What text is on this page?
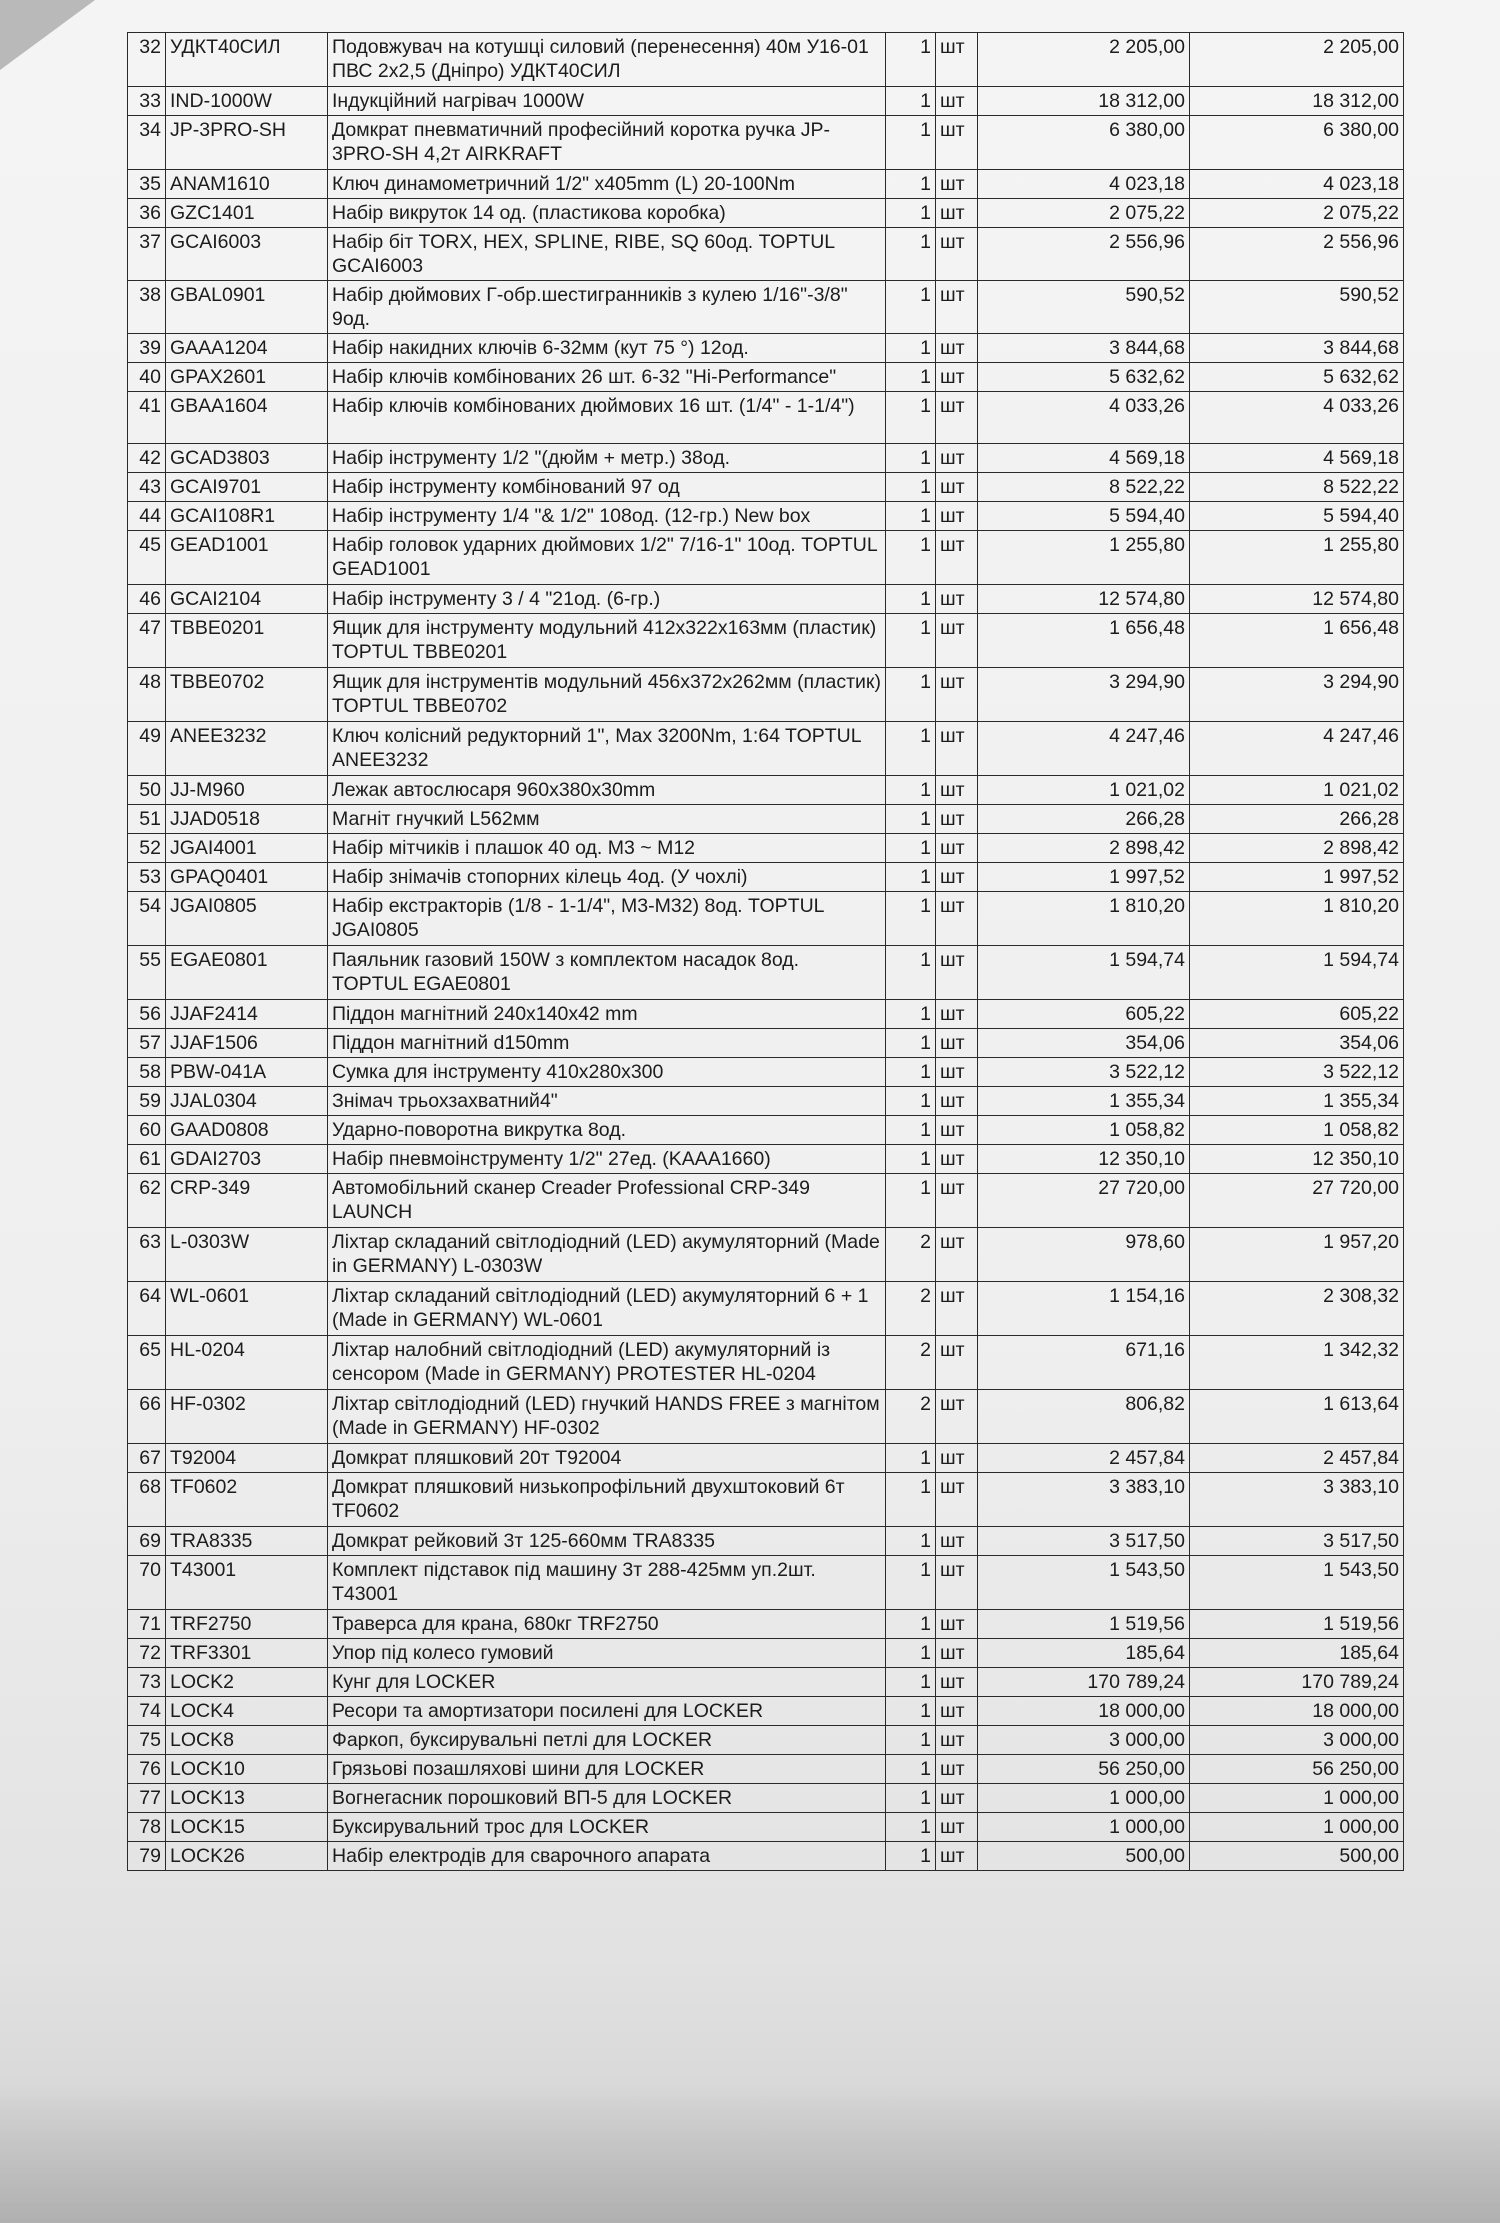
32	УДКТ40СИЛ	Подовжувач на котушці силовий (перенесення) 40м У16-01 ПВС 2х2,5 (Дніпро) УДКТ40СИЛ	1	шт	2 205,00	2 205,00
33	IND-1000W	Індукційний нагрівач 1000W	1	шт	18 312,00	18 312,00
34	JP-3PRO-SH	Домкрат пневматичний професійний коротка ручка JP-3PRO-SH 4,2т AIRKRAFT	1	шт	6 380,00	6 380,00
35	ANAM1610	Ключ динамометричний 1/2" х405mm (L) 20-100Nm	1	шт	4 023,18	4 023,18
36	GZC1401	Набір викруток 14 од. (пластикова коробка)	1	шт	2 075,22	2 075,22
37	GCAI6003	Набір біт TORX, HEX, SPLINE, RIBE, SQ 60од. TOPTUL GCAI6003	1	шт	2 556,96	2 556,96
38	GBAL0901	Набір дюймових Г-обр.шестигранників з кулею 1/16"-3/8" 9од.	1	шт	590,52	590,52
39	GAAA1204	Набір накидних ключів 6-32мм (кут 75 °) 12од.	1	шт	3 844,68	3 844,68
40	GPAX2601	Набір ключів комбінованих 26 шт. 6-32 "Hi-Performance"	1	шт	5 632,62	5 632,62
41	GBAA1604	Набір ключів комбінованих дюймових 16 шт. (1/4" - 1-1/4")	1	шт	4 033,26	4 033,26
42	GCAD3803	Набір інструменту 1/2 "(дюйм + метр.) 38од.	1	шт	4 569,18	4 569,18
43	GCAI9701	Набір інструменту комбінований 97 од	1	шт	8 522,22	8 522,22
44	GCAI108R1	Набір інструменту 1/4 "& 1/2" 108од. (12-гр.) New box	1	шт	5 594,40	5 594,40
45	GEAD1001	Набір головок ударних дюймових 1/2" 7/16-1" 10од. TOPTUL GEAD1001	1	шт	1 255,80	1 255,80
46	GCAI2104	Набір інструменту 3 / 4 "21од. (6-гр.)	1	шт	12 574,80	12 574,80
47	TBBE0201	Ящик для інструменту модульний 412х322х163мм (пластик) TOPTUL TBBE0201	1	шт	1 656,48	1 656,48
48	TBBE0702	Ящик для інструментів модульний 456х372х262мм (пластик) TOPTUL TBBE0702	1	шт	3 294,90	3 294,90
49	ANEE3232	Ключ колісний редукторний 1", Max 3200Nm, 1:64 TOPTUL ANEE3232	1	шт	4 247,46	4 247,46
50	JJ-M960	Лежак автослюсаря 960х380х30mm	1	шт	1 021,02	1 021,02
51	JJAD0518	Магніт гнучкий L562мм	1	шт	266,28	266,28
52	JGAI4001	Набір мітчиків і плашок 40 од. М3 ~ М12	1	шт	2 898,42	2 898,42
53	GPAQ0401	Набір знімачів стопорних кілець 4од. (У чохлі)	1	шт	1 997,52	1 997,52
54	JGAI0805	Набір екстракторів (1/8 - 1-1/4", М3-М32) 8од. TOPTUL JGAI0805	1	шт	1 810,20	1 810,20
55	EGAE0801	Паяльник газовий 150W з комплектом насадок 8од. TOPTUL EGAE0801	1	шт	1 594,74	1 594,74
56	JJAF2414	Піддон магнітний 240х140х42 mm	1	шт	605,22	605,22
57	JJAF1506	Піддон магнітний d150mm	1	шт	354,06	354,06
58	PBW-041A	Сумка для інструменту 410х280х300	1	шт	3 522,12	3 522,12
59	JJAL0304	Знімач трьохзахватний4"	1	шт	1 355,34	1 355,34
60	GAAD0808	Ударно-поворотна викрутка 8од.	1	шт	1 058,82	1 058,82
61	GDAI2703	Набір пневмоінструменту 1/2" 27ед. (KAAA1660)	1	шт	12 350,10	12 350,10
62	CRP-349	Автомобільний сканер Creader Professional CRP-349 LAUNCH	1	шт	27 720,00	27 720,00
63	L-0303W	Ліхтар складаний світлодіодний (LED) акумуляторний (Made in GERMANY) L-0303W	2	шт	978,60	1 957,20
64	WL-0601	Ліхтар складаний світлодіодний (LED) акумуляторний 6 + 1 (Made in GERMANY) WL-0601	2	шт	1 154,16	2 308,32
65	HL-0204	Ліхтар налобний світлодіодний (LED) акумуляторний із сенсором (Made in GERMANY) PROTESTER HL-0204	2	шт	671,16	1 342,32
66	HF-0302	Ліхтар світлодіодний (LED) гнучкий HANDS FREE з магнітом (Made in GERMANY) HF-0302	2	шт	806,82	1 613,64
67	T92004	Домкрат пляшковий 20т T92004	1	шт	2 457,84	2 457,84
68	TF0602	Домкрат пляшковий низькопрофільний двухштоковий 6т TF0602	1	шт	3 383,10	3 383,10
69	TRA8335	Домкрат рейковий 3т 125-660мм TRA8335	1	шт	3 517,50	3 517,50
70	T43001	Комплект підставок під машину 3т 288-425мм уп.2шт. T43001	1	шт	1 543,50	1 543,50
71	TRF2750	Траверса для крана, 680кг TRF2750	1	шт	1 519,56	1 519,56
72	TRF3301	Упор під колесо гумовий	1	шт	185,64	185,64
73	LOCK2	Кунг для LOCKER	1	шт	170 789,24	170 789,24
74	LOCK4	Ресори та амортизатори посилені для LOCKER	1	шт	18 000,00	18 000,00
75	LOCK8	Фаркоп, буксирувальні петлі для LOCKER	1	шт	3 000,00	3 000,00
76	LOCK10	Грязьові позашляхові шини для LOCKER	1	шт	56 250,00	56 250,00
77	LOCK13	Вогнегасник порошковий ВП-5 для LOCKER	1	шт	1 000,00	1 000,00
78	LOCK15	Буксирувальний трос для LOCKER	1	шт	1 000,00	1 000,00
79	LOCK26	Набір електродів для сварочного апарата	1	шт	500,00	500,00
